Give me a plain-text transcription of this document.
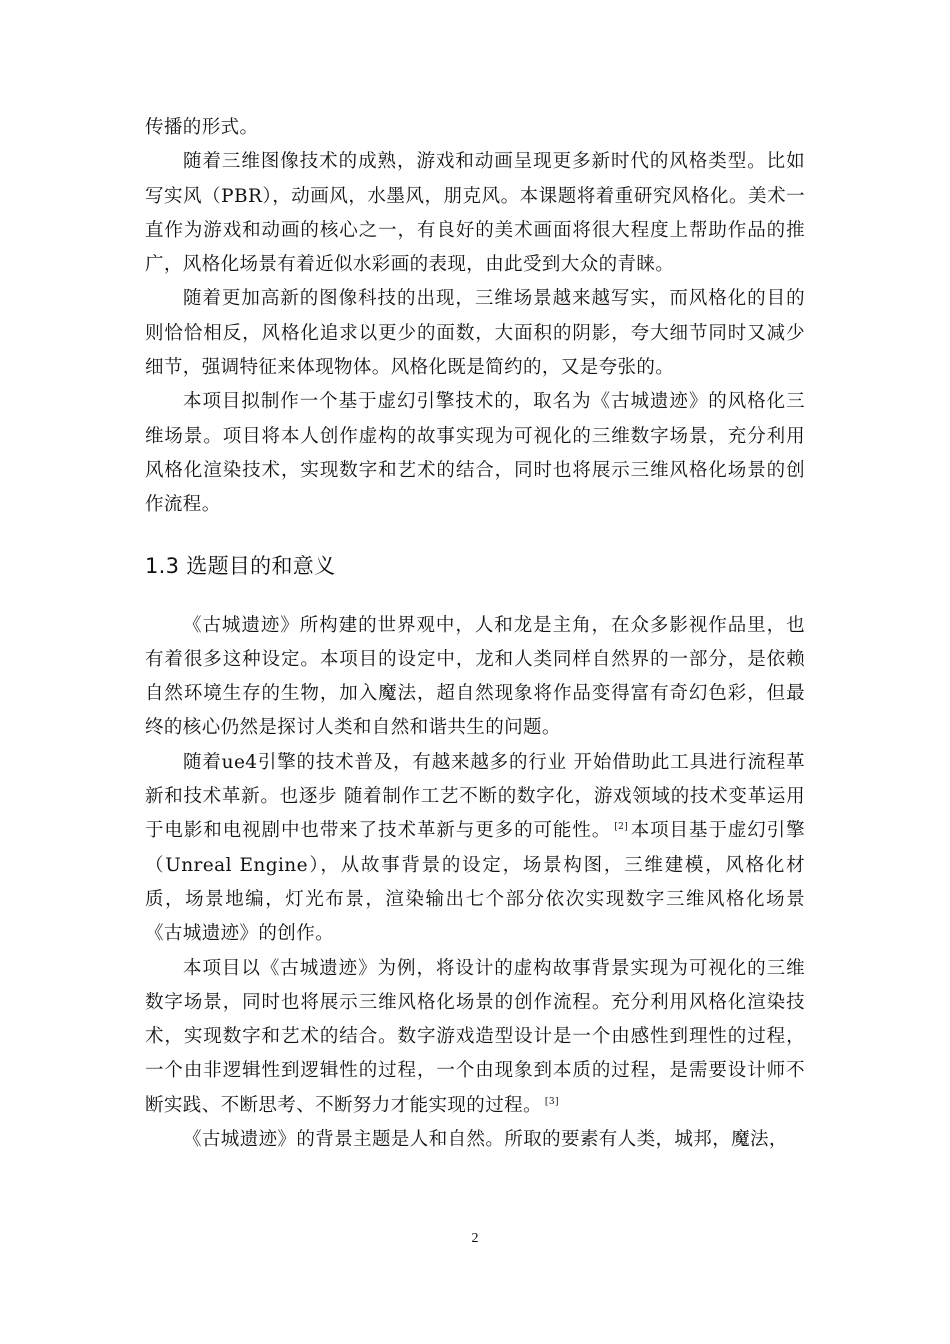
传播的形式。

随着三维图像技术的成熟，游戏和动画呈现更多新时代的风格类型。比如写实风（PBR），动画风，水墨风，朋克风。本课题将着重研究风格化。美术一直作为游戏和动画的核心之一，有良好的美术画面将很大程度上帮助作品的推广，风格化场景有着近似水彩画的表现，由此受到大众的青睐。

随着更加高新的图像科技的出现，三维场景越来越写实，而风格化的目的则恰恰相反，风格化追求以更少的面数，大面积的阴影，夸大细节同时又减少细节，强调特征来体现物体。风格化既是简约的，又是夸张的。

本项目拟制作一个基于虚幻引擎技术的，取名为《古城遗迹》的风格化三维场景。项目将本人创作虚构的故事实现为可视化的三维数字场景，充分利用风格化渲染技术，实现数字和艺术的结合，同时也将展示三维风格化场景的创作流程。

1.3 选题目的和意义

《古城遗迹》所构建的世界观中，人和龙是主角，在众多影视作品里，也有着很多这种设定。本项目的设定中，龙和人类同样自然界的一部分，是依赖自然环境生存的生物，加入魔法，超自然现象将作品变得富有奇幻色彩，但最终的核心仍然是探讨人类和自然和谐共生的问题。

随着ue4引擎的技术普及，有越来越多的行业 开始借助此工具进行流程革新和技术革新。也逐步 随着制作工艺不断的数字化，游戏领域的技术变革运用于电影和电视剧中也带来了技术革新与更多的可能性。 [2] 本项目基于虚幻引擎（Unreal Engine），从故事背景的设定，场景构图，三维建模，风格化材质，场景地编，灯光布景，渲染输出七个部分依次实现数字三维风格化场景《古城遗迹》的创作。

本项目以《古城遗迹》为例，将设计的虚构故事背景实现为可视化的三维数字场景，同时也将展示三维风格化场景的创作流程。充分利用风格化渲染技术，实现数字和艺术的结合。数字游戏造型设计是一个由感性到理性的过程，一个由非逻辑性到逻辑性的过程，一个由现象到本质的过程，是需要设计师不断实践、不断思考、不断努力才能实现的过程。 [3]

《古城遗迹》的背景主题是人和自然。所取的要素有人类，城邦，魔法，

2
